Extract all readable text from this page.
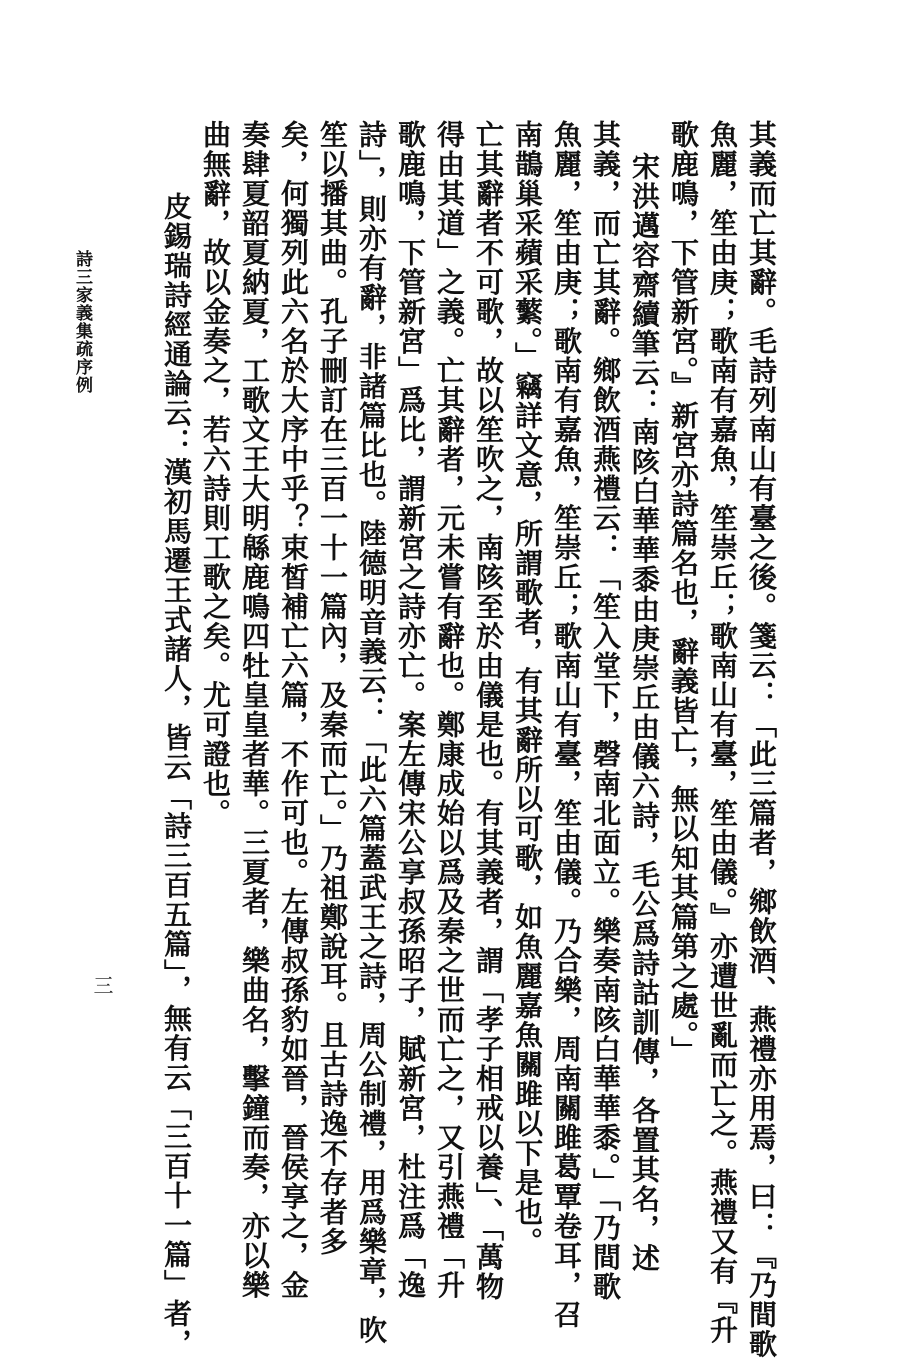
其義而亡其辭。毛詩列南山有臺之後。箋云：「此三篇者，鄉飲酒、燕禮亦用焉，曰：『乃間歌
魚麗，笙由庚；歌南有嘉魚，笙崇丘；歌南山有臺，笙由儀。』亦遭世亂而亡之。燕禮又有『升
歌鹿鳴，下管新宮。』新宮亦詩篇名也，辭義皆亡，無以知其篇第之處。」
宋洪邁容齋續筆云：南陔白華華黍由庚崇丘由儀六詩，毛公爲詩詁訓傳，各置其名，述
其義，而亡其辭。鄉飲酒燕禮云：「笙入堂下，磬南北面立。樂奏南陔白華華黍。」「乃間歌
魚麗，笙由庚；歌南有嘉魚，笙崇丘；歌南山有臺，笙由儀。乃合樂，周南關雎葛覃卷耳，召
南鵲巢采蘋采蘩。」竊詳文意，所謂歌者，有其辭所以可歌，如魚麗嘉魚關雎以下是也。
亡其辭者不可歌，故以笙吹之，南陔至於由儀是也。有其義者，謂「孝子相戒以養」、「萬物
得由其道」之義。亡其辭者，元未嘗有辭也。鄭康成始以爲及秦之世而亡之，又引燕禮「升
歌鹿鳴，下管新宮」爲比，謂新宮之詩亦亡。案左傳宋公享叔孫昭子，賦新宮，杜注爲「逸
詩」，則亦有辭，非諸篇比也。陸德明音義云：「此六篇蓋武王之詩，周公制禮，用爲樂章，吹
笙以播其曲。孔子刪訂在三百一十一篇內，及秦而亡。」乃祖鄭說耳。且古詩逸不存者多
矣，何獨列此六名於大序中乎？束皙補亡六篇，不作可也。左傳叔孫豹如晉，晉侯享之，金
奏肆夏韶夏納夏，工歌文王大明緜鹿鳴四牡皇皇者華。三夏者，樂曲名，擊鐘而奏，亦以樂
曲無辭，故以金奏之，若六詩則工歌之矣。尤可證也。
皮錫瑞詩經通論云：漢初馬遷王式諸人，皆云「詩三百五篇」，無有云「三百十一篇」者，
詩三家義集疏序例
三
